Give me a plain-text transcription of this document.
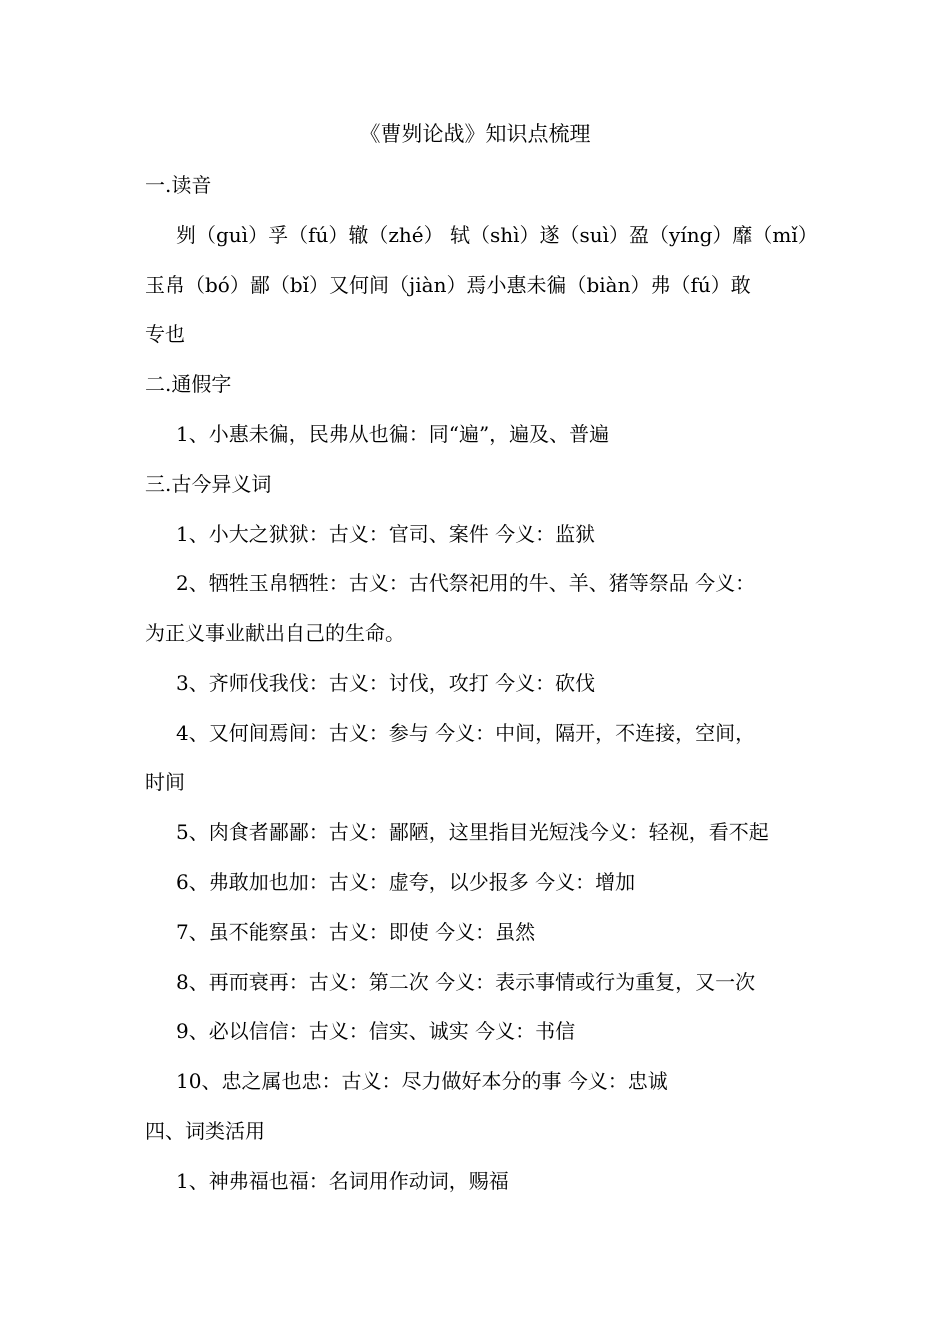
《曹刿论战》知识点梳理
一.读音
刿（guì）孚（fú）辙（zhé） 轼（shì）遂（suì）盈（yíng）靡（mǐ）
玉帛（bó）鄙（bǐ）又何间（jiàn）焉小惠未徧（biàn）弗（fú）敢
专也
二.通假字
1、小惠未徧，民弗从也徧：同“遍”，遍及、普遍
三.古今异义词
1、小大之狱狱：古义：官司、案件 今义：监狱
2、牺牲玉帛牺牲：古义：古代祭祀用的牛、羊、猪等祭品 今义：
为正义事业献出自己的生命。
3、齐师伐我伐：古义：讨伐，攻打 今义：砍伐
4、又何间焉间：古义：参与 今义：中间，隔开，不连接，空间，
时间
5、肉食者鄙鄙：古义：鄙陋，这里指目光短浅今义：轻视，看不起
6、弗敢加也加：古义：虚夸，以少报多 今义：增加
7、虽不能察虽：古义：即使 今义：虽然
8、再而衰再：古义：第二次 今义：表示事情或行为重复，又一次
9、必以信信：古义：信实、诚实 今义：书信
10、忠之属也忠：古义：尽力做好本分的事 今义：忠诚
四、词类活用
1、神弗福也福：名词用作动词，赐福
